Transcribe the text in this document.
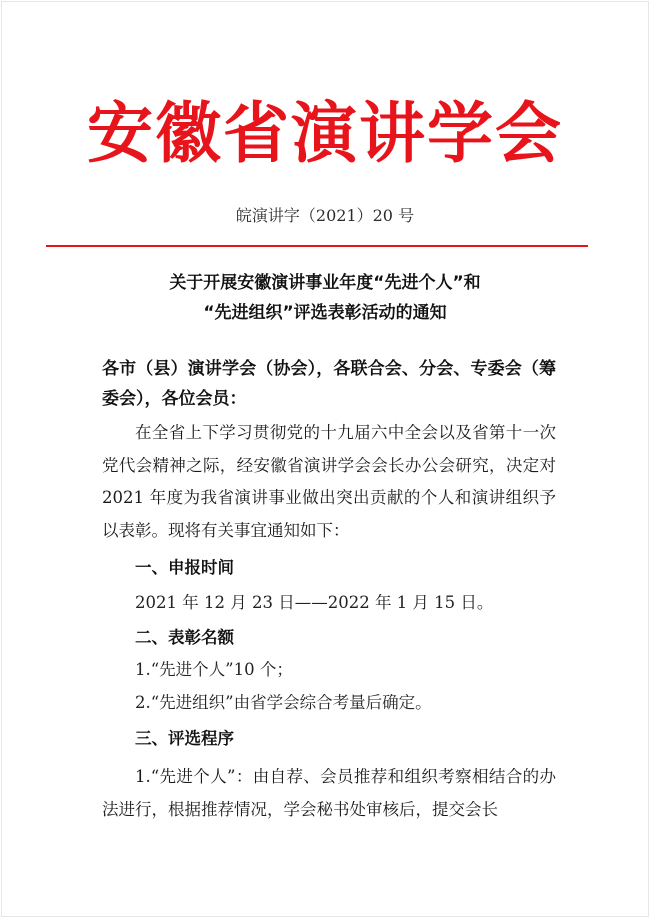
安徽省演讲学会
皖演讲字（2021）20 号
关于开展安徽演讲事业年度“先进个人”和
“先进组织”评选表彰活动的通知
各市（县）演讲学会（协会），各联合会、分会、专委会（筹委会），各位会员：
在全省上下学习贯彻党的十九届六中全会以及省第十一次党代会精神之际，经安徽省演讲学会会长办公会研究，决定对 2021 年度为我省演讲事业做出突出贡献的个人和演讲组织予以表彰。现将有关事宜通知如下：
一、申报时间
2021 年 12 月 23 日——2022 年 1 月 15 日。
二、表彰名额
1.“先进个人”10 个；
2.“先进组织”由省学会综合考量后确定。
三、评选程序
1.“先进个人”：由自荐、会员推荐和组织考察相结合的办法进行，根据推荐情况，学会秘书处审核后，提交会长
